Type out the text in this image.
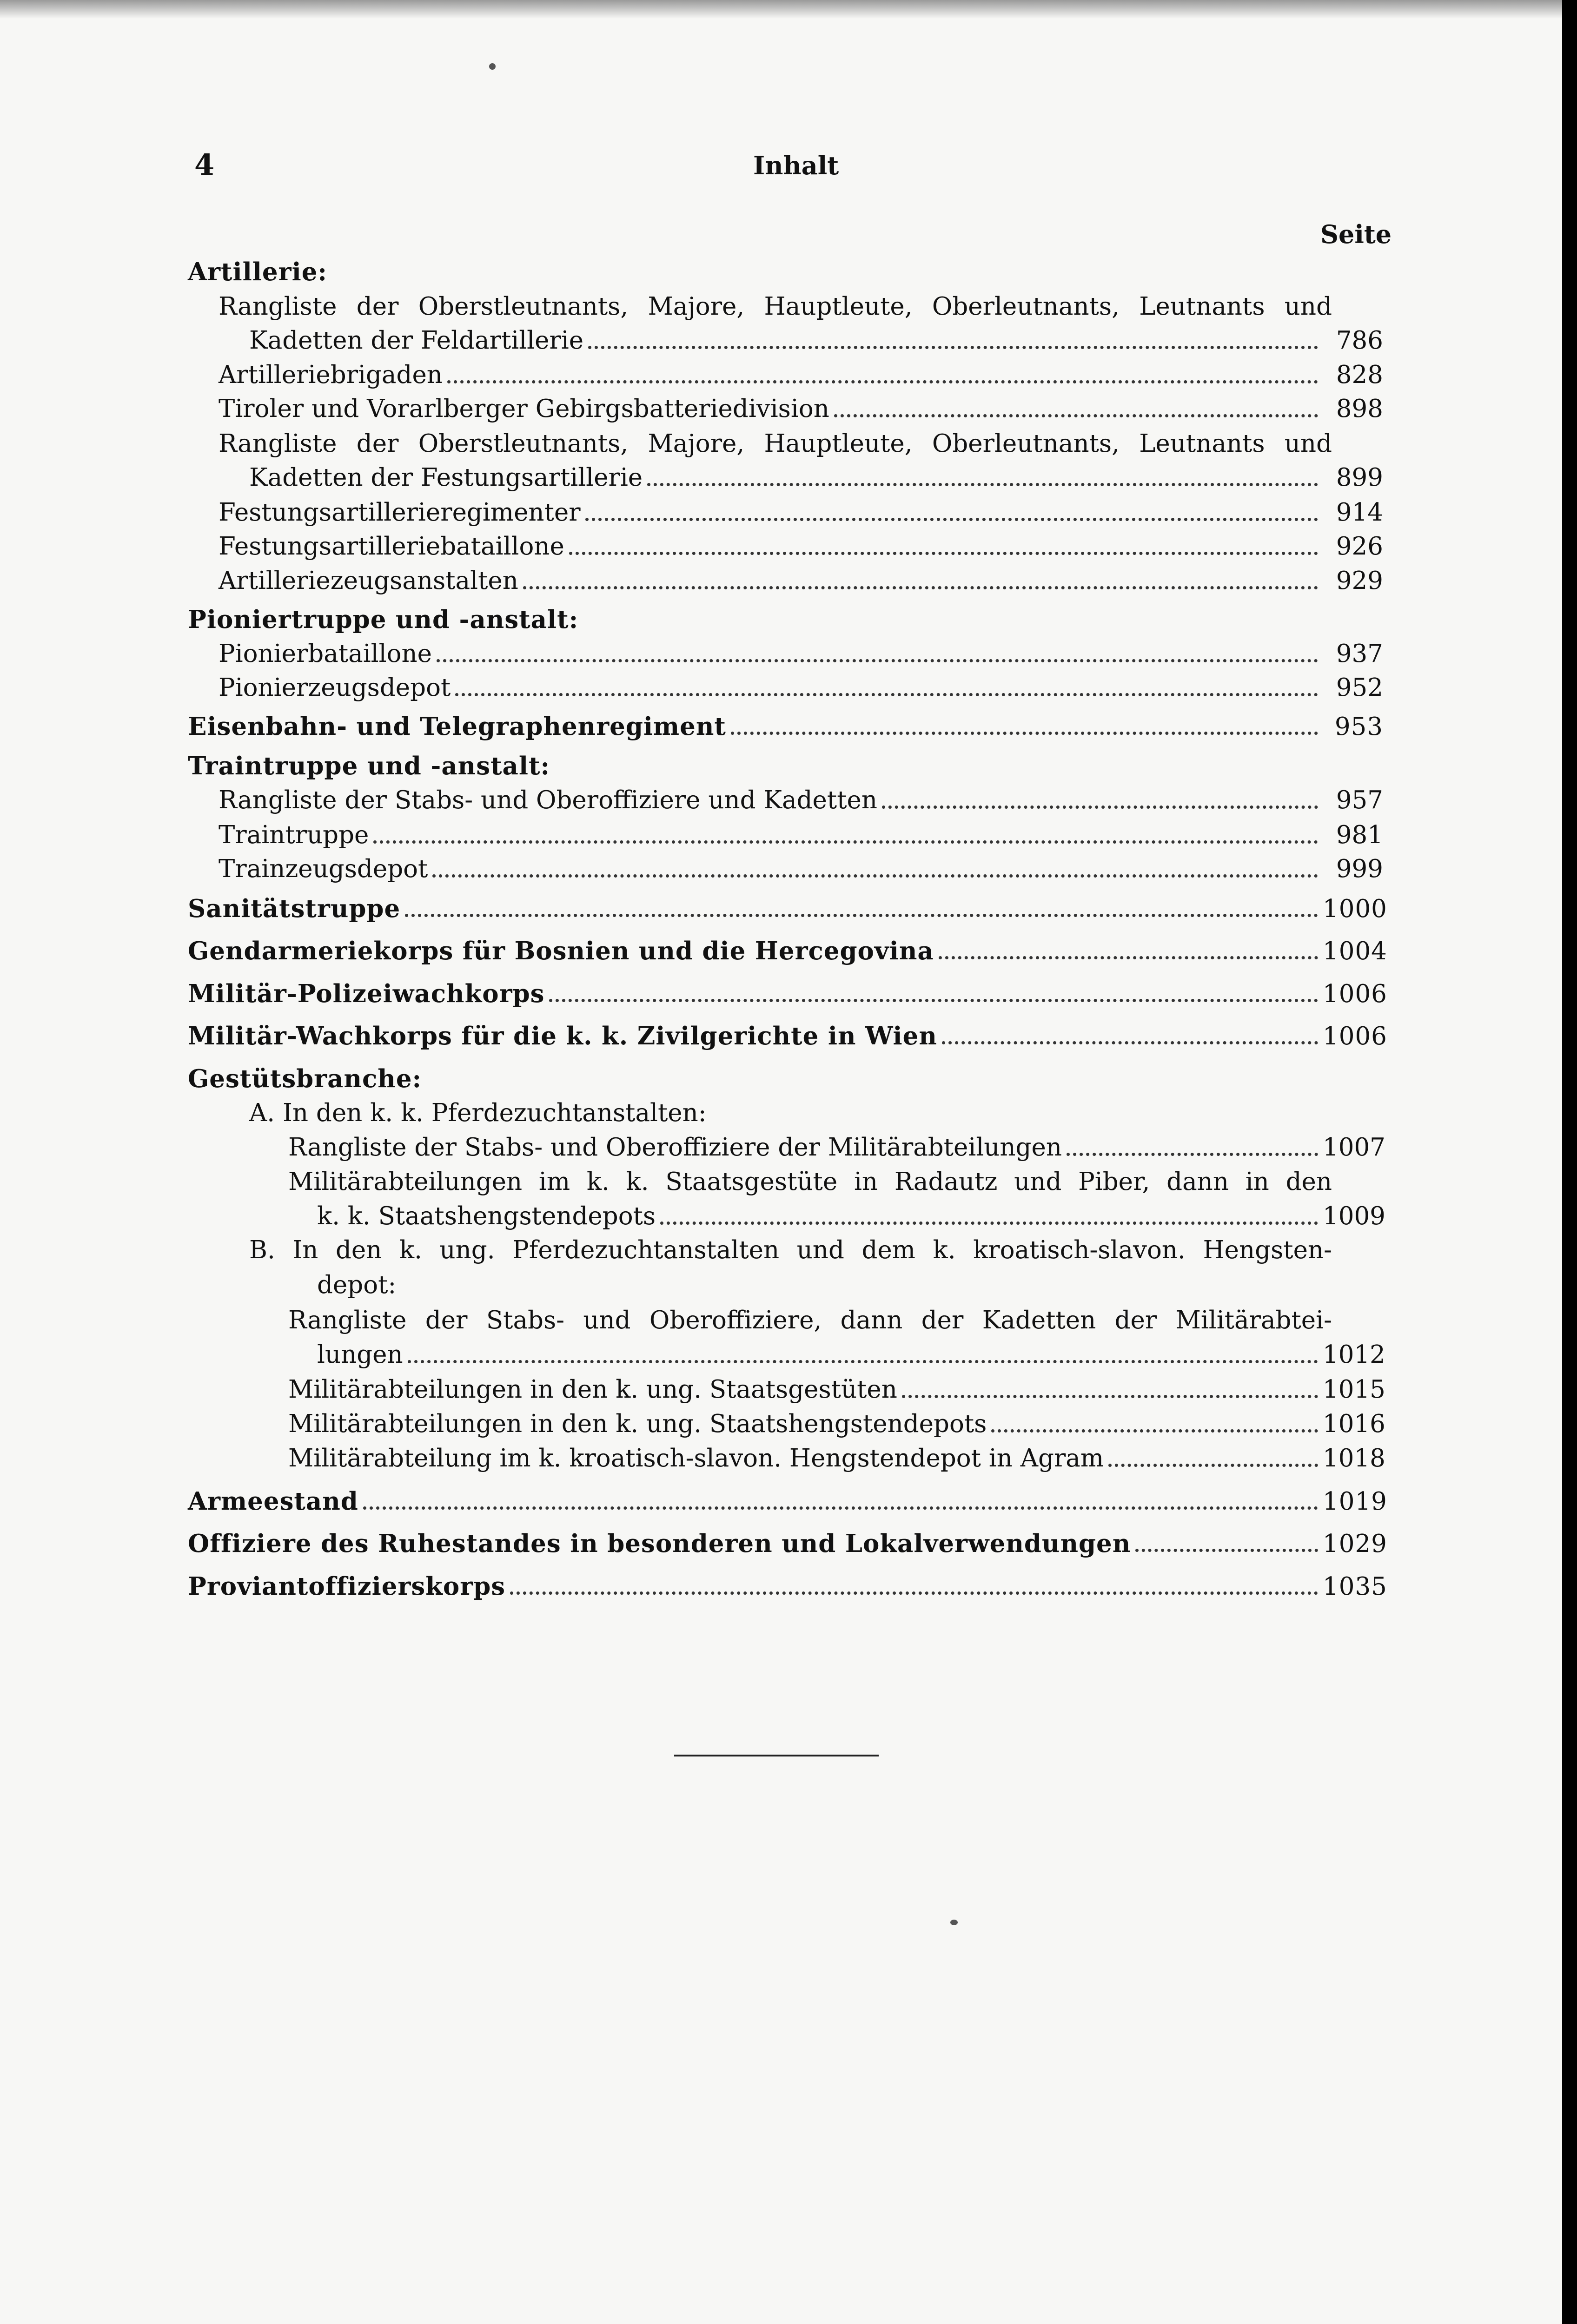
4	Inhalt
Seite
Artillerie:
Rangliste der Oberstleutnants, Majore, Hauptleute, Oberleutnants, Leutnants und
Kadetten der Feldartillerie	786
Artilleriebrigaden	828
Tiroler und Vorarlberger Gebirgsbatteriedivision	898
Rangliste der Oberstleutnants, Majore, Hauptleute, Oberleutnants, Leutnants und
Kadetten der Festungsartillerie	899
Festungsartillerieregimenter	914
Festungsartilleriebataillone	926
Artilleriezeugsanstalten	929
Pioniertruppe und -anstalt:
Pionierbataillone	937
Pionierzeugsdepot	952
Eisenbahn- und Telegraphenregiment	953
Traintruppe und -anstalt:
Rangliste der Stabs- und Oberoffiziere und Kadetten	957
Traintruppe	981
Trainzeugsdepot	999
Sanitätstruppe	1000
Gendarmeriekorps für Bosnien und die Hercegovina	1004
Militär-Polizeiwachkorps	1006
Militär-Wachkorps für die k. k. Zivilgerichte in Wien	1006
Gestütsbranche:
A. In den k. k. Pferdezuchtanstalten:
Rangliste der Stabs- und Oberoffiziere der Militärabteilungen	1007
Militärabteilungen im k. k. Staatsgestüte in Radautz und Piber, dann in den
k. k. Staatshengstendepots	1009
B. In den k. ung. Pferdezuchtanstalten und dem k. kroatisch-slavon. Hengsten-
depot:
Rangliste der Stabs- und Oberoffiziere, dann der Kadetten der Militärabtei-
lungen	1012
Militärabteilungen in den k. ung. Staatsgestüten	1015
Militärabteilungen in den k. ung. Staatshengstendepots	1016
Militärabteilung im k. kroatisch-slavon. Hengstendepot in Agram	1018
Armeestand	1019
Offiziere des Ruhestandes in besonderen und Lokalverwendungen	1029
Proviantoffizierskorps	1035
